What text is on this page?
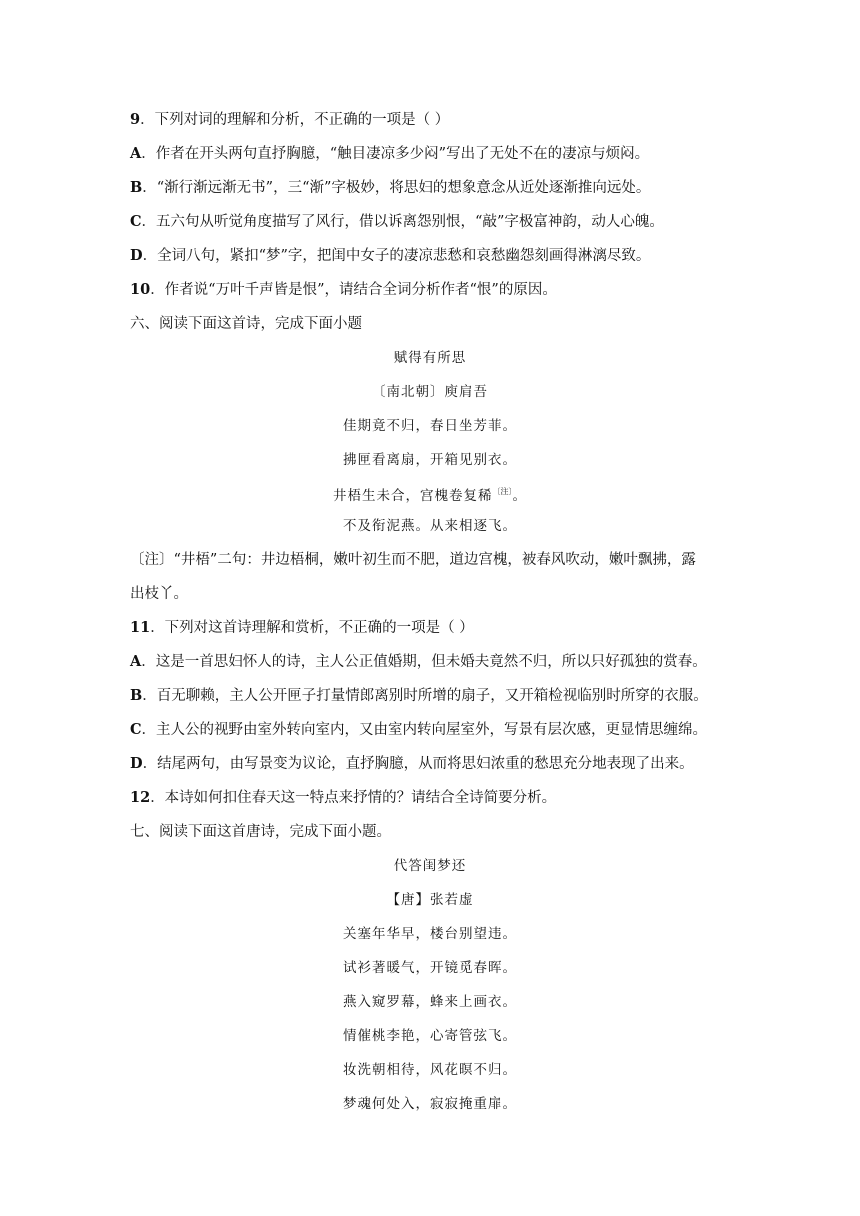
9．下列对词的理解和分析，不正确的一项是（ ）
A．作者在开头两句直抒胸臆，“触目凄凉多少闷”写出了无处不在的凄凉与烦闷。
B．“渐行渐远渐无书”，三“渐”字极妙，将思妇的想象意念从近处逐渐推向远处。
C．五六句从听觉角度描写了风行，借以诉离怨别恨，“敲”字极富神韵，动人心魄。
D．全词八句，紧扣“梦”字，把闺中女子的凄凉悲愁和哀愁幽怨刻画得淋漓尽致。
10．作者说“万叶千声皆是恨”，请结合全词分析作者“恨”的原因。
六、阅读下面这首诗，完成下面小题
赋得有所思
〔南北朝〕庾肩吾
佳期竟不归，春日坐芳菲。
拂匣看离扇，开箱见别衣。
井梧生未合，宫槐卷复稀$^{〔注〕}$。
不及衔泥燕。从来相逐飞。
〔注〕“井梧”二句：井边梧桐，嫩叶初生而不肥，道边宫槐，被春风吹动，嫩叶飘拂，露
出枝丫。
11．下列对这首诗理解和赏析，不正确的一项是（ ）
A．这是一首思妇怀人的诗，主人公正值婚期，但未婚夫竟然不归，所以只好孤独的赏春。
B．百无聊赖，主人公开匣子打量情郎离别时所增的扇子，又开箱检视临别时所穿的衣服。
C．主人公的视野由室外转向室内，又由室内转向屋室外，写景有层次感，更显情思缠绵。
D．结尾两句，由写景变为议论，直抒胸臆，从而将思妇浓重的愁思充分地表现了出来。
12．本诗如何扣住春天这一特点来抒情的？请结合全诗简要分析。
七、阅读下面这首唐诗，完成下面小题。
代答闺梦还
【唐】张若虚
关塞年华早，楼台别望违。
试衫著暖气，开镜觅春晖。
燕入窥罗幕，蜂来上画衣。
情催桃李艳，心寄管弦飞。
妆洗朝相待，风花暝不归。
梦魂何处入，寂寂掩重扉。
